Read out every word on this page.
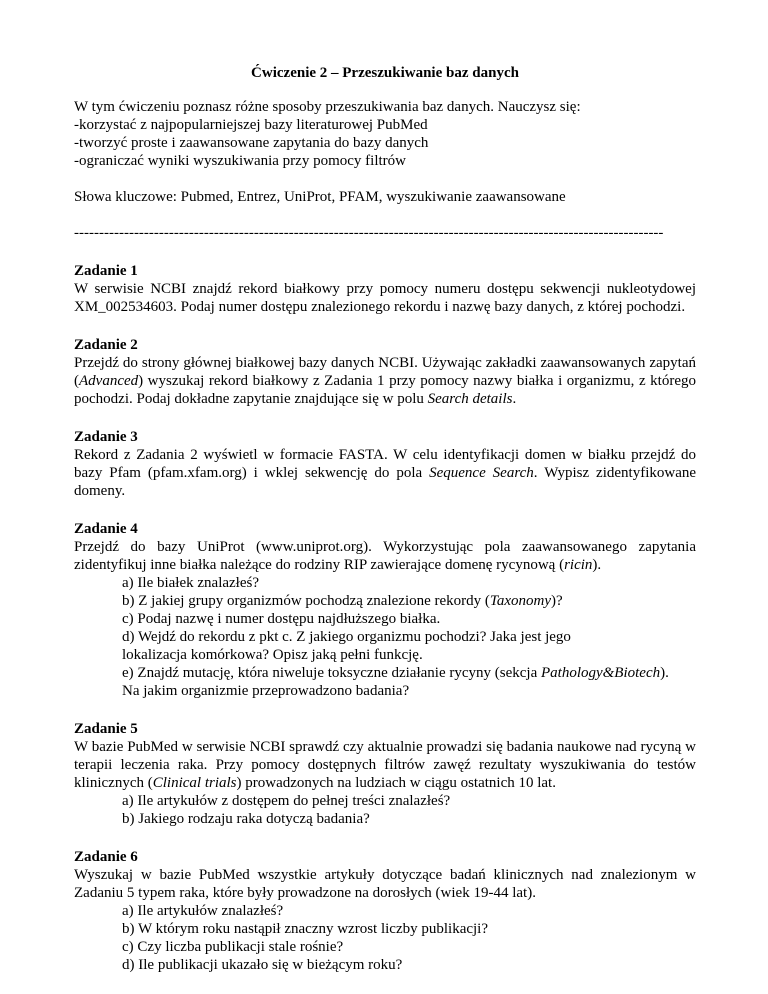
Ćwiczenie 2 – Przeszukiwanie baz danych

W tym ćwiczeniu poznasz różne sposoby przeszukiwania baz danych. Nauczysz się:

-korzystać z najpopularniejszej bazy literaturowej PubMed

-tworzyć proste i zaawansowane zapytania do bazy danych

-ograniczać wyniki wyszukiwania przy pomocy filtrów

Słowa kluczowe: Pubmed, Entrez, UniProt, PFAM, wyszukiwanie zaawansowane

----------------------------------------------------------------------------------------------------------------------

Zadanie 1

W serwisie NCBI znajdź rekord białkowy przy pomocy numeru dostępu sekwencji nukleotydowej XM_002534603. Podaj numer dostępu znalezionego rekordu i nazwę bazy danych, z której pochodzi.

Zadanie 2

Przejdź do strony głównej białkowej bazy danych NCBI. Używając zakładki zaawansowanych zapytań (Advanced) wyszukaj rekord białkowy z Zadania 1 przy pomocy nazwy białka i organizmu, z którego pochodzi. Podaj dokładne zapytanie znajdujące się w polu Search details.

Zadanie 3

Rekord z Zadania 2 wyświetl w formacie FASTA. W celu identyfikacji domen w białku przejdź do bazy Pfam (pfam.xfam.org) i wklej sekwencję do pola Sequence Search. Wypisz zidentyfikowane domeny.

Zadanie 4

Przejdź do bazy UniProt (www.uniprot.org). Wykorzystując pola zaawansowanego zapytania zidentyfikuj inne białka należące do rodziny RIP zawierające domenę rycynową (ricin).

a) Ile białek znalazłeś?

b) Z jakiej grupy organizmów pochodzą znalezione rekordy (Taxonomy)?

c) Podaj nazwę i numer dostępu najdłuższego białka.

d) Wejdź do rekordu z pkt c. Z jakiego organizmu pochodzi? Jaka jest jego

lokalizacja komórkowa? Opisz jaką pełni funkcję.

e) Znajdź mutację, która niweluje toksyczne działanie rycyny (sekcja Pathology&Biotech).

Na jakim organizmie przeprowadzono badania?

Zadanie 5

W bazie PubMed w serwisie NCBI sprawdź czy aktualnie prowadzi się badania naukowe nad rycyną w terapii leczenia raka. Przy pomocy dostępnych filtrów zawęź rezultaty wyszukiwania do testów klinicznych (Clinical trials) prowadzonych na ludziach w ciągu ostatnich 10 lat.

a) Ile artykułów z dostępem do pełnej treści znalazłeś?

b) Jakiego rodzaju raka dotyczą badania?

Zadanie 6

Wyszukaj w bazie PubMed wszystkie artykuły dotyczące badań klinicznych nad znalezionym w Zadaniu 5 typem raka, które były prowadzone na dorosłych (wiek 19-44 lat).

a) Ile artykułów znalazłeś?

b) W którym roku nastąpił znaczny wzrost liczby publikacji?

c) Czy liczba publikacji stale rośnie?

d) Ile publikacji ukazało się w bieżącym roku?
